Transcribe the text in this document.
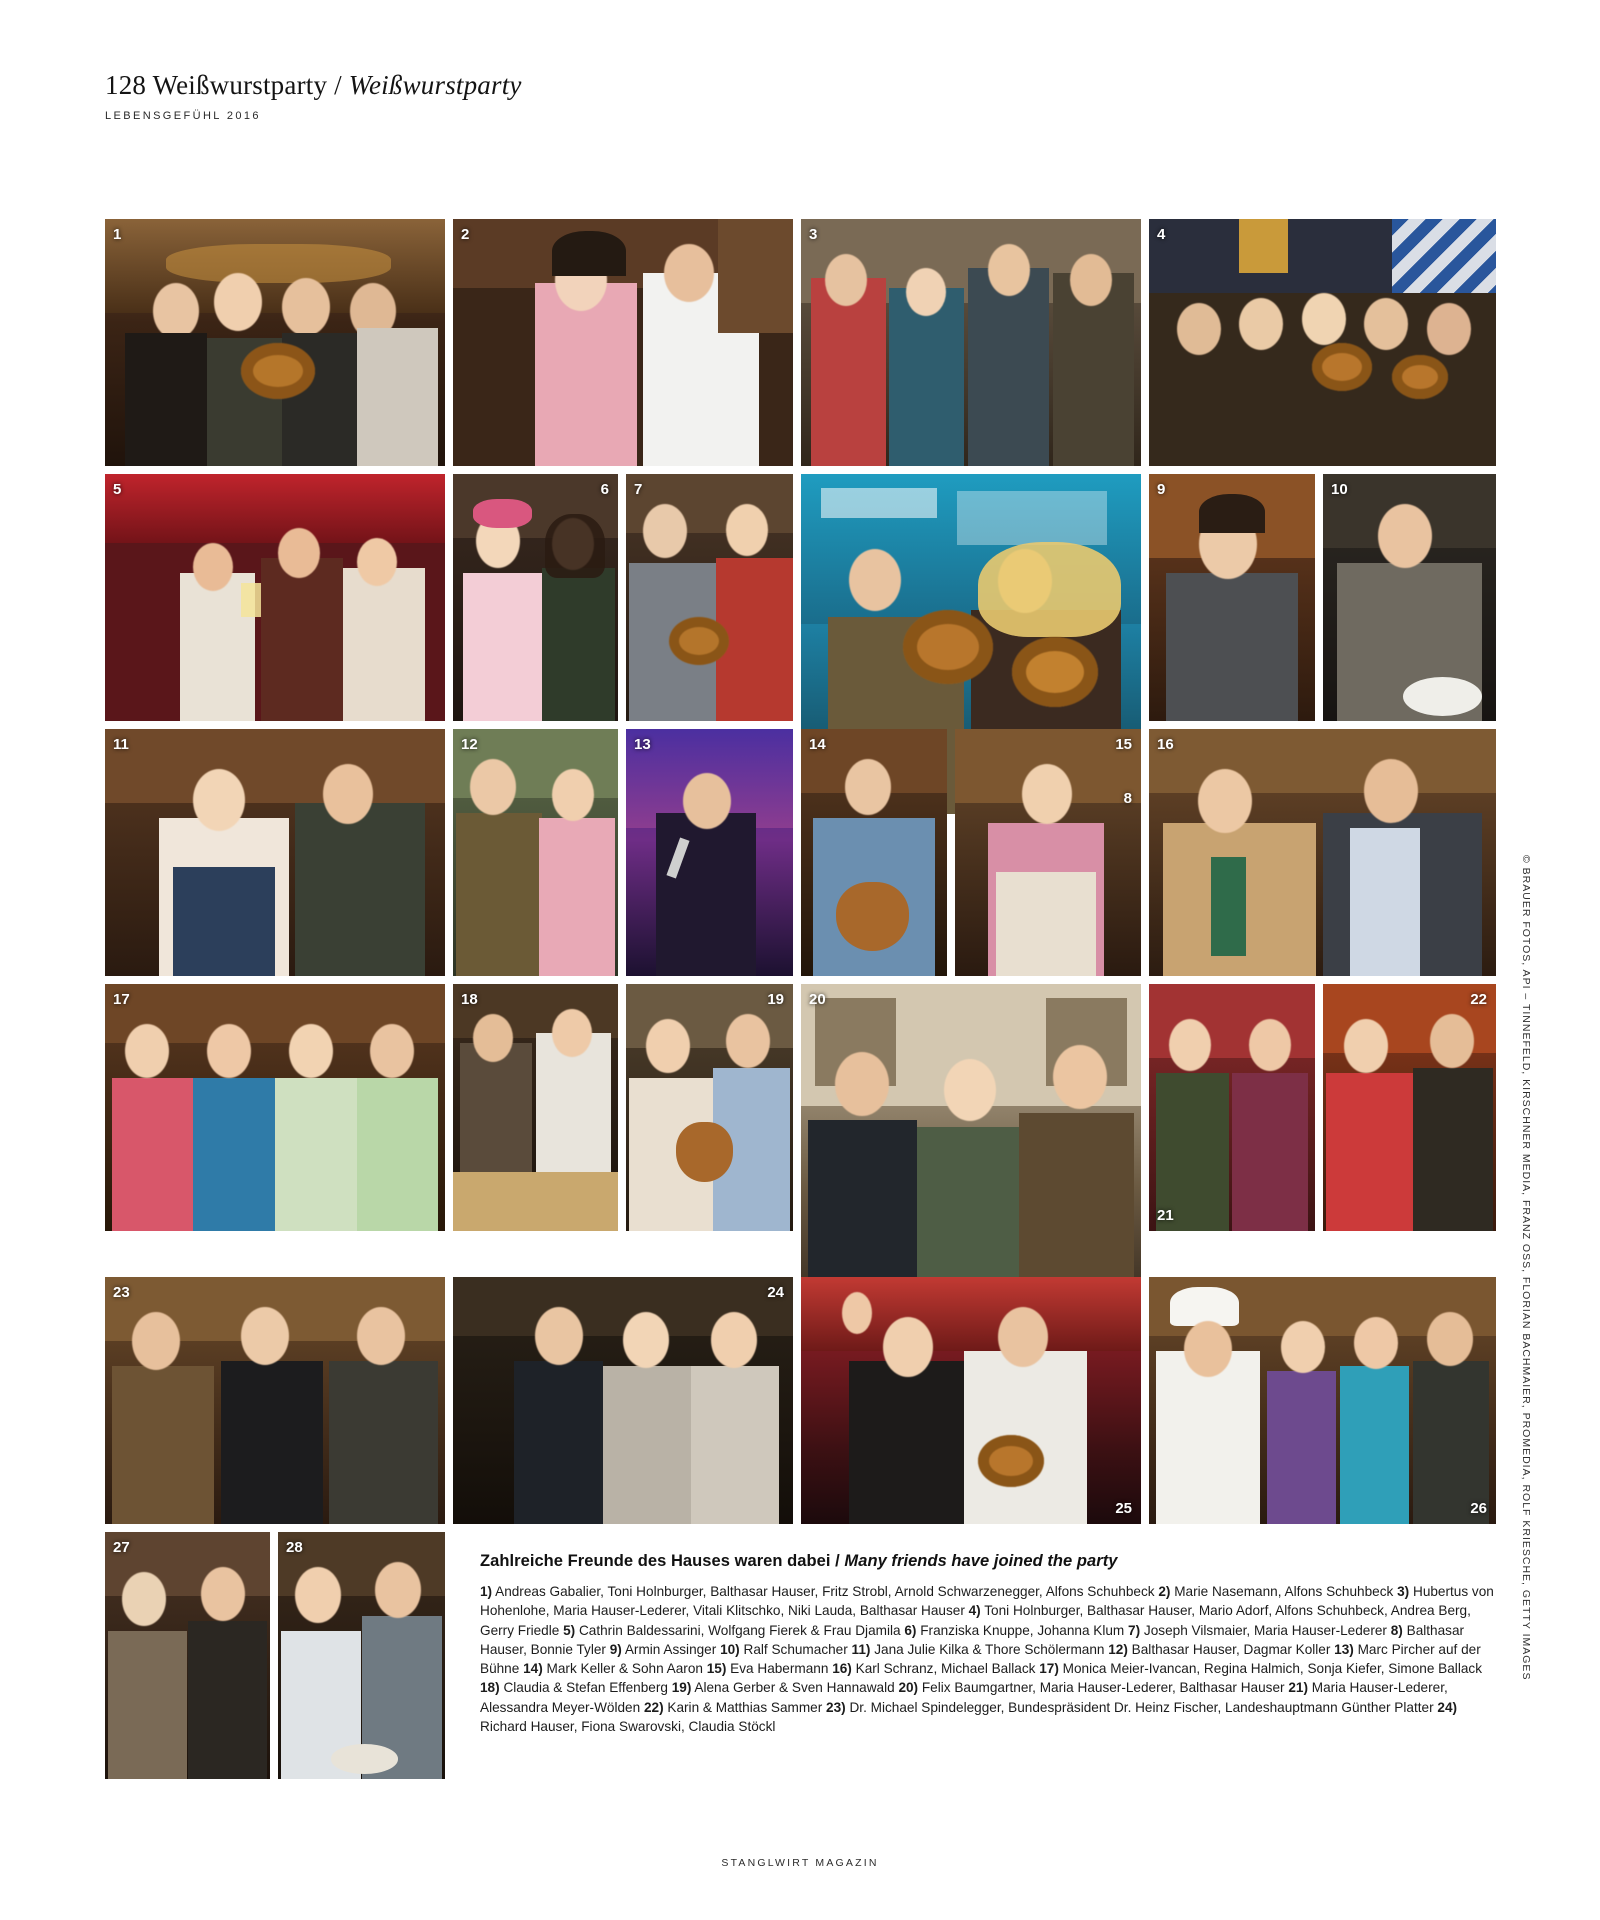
128 Weißwurstparty / Weißwurstparty
LEBENSGEFÜHL 2016
1	2	3	4
5	6 7
8
9	10
11	12	13	14	15 16
17	18	19 20
21
22
23	24
25	26
27	28
Zahlreiche Freunde des Hauses waren dabei / Many friends have joined the party
1) Andreas Gabalier, Toni Holnburger, Balthasar Hauser, Fritz Strobl, Arnold Schwarzenegger, Alfons Schuhbeck 2) Marie Nasemann, Alfons Schuhbeck 3) Hubertus von Hohenlohe, Maria Hauser-Lederer, Vitali Klitschko, Niki Lauda, Balthasar Hauser 4) Toni Holnburger, Balthasar Hauser, Mario Adorf, Alfons Schuhbeck, Andrea Berg, Gerry Friedle 5) Cathrin Baldessarini, Wolfgang Fierek & Frau Djamila 6) Franziska Knuppe, Johanna Klum 7) Joseph Vilsmaier, Maria Hauser-Lederer 8) Balthasar Hauser, Bonnie Tyler 9) Armin Assinger 10) Ralf Schumacher 11) Jana Julie Kilka & Thore Schölermann 12) Balthasar Hauser, Dagmar Koller 13) Marc Pircher auf der Bühne 14) Mark Keller & Sohn Aaron 15) Eva Habermann 16) Karl Schranz, Michael Ballack 17) Monica Meier-Ivancan, Regina Halmich, Sonja Kiefer, Simone Ballack 18) Claudia & Stefan Effenberg 19) Alena Gerber & Sven Hannawald 20) Felix Baumgartner, Maria Hauser-Lederer, Balthasar Hauser 21) Maria Hauser-Lederer, Alessandra Meyer-Wölden 22) Karin & Matthias Sammer 23) Dr. Michael Spindelegger, Bundespräsident Dr. Heinz Fischer, Landeshauptmann Günther Platter 24) Richard Hauser, Fiona Swarovski, Claudia Stöckl
© BRAUER FOTOS, API – TINNEFELD, KIRSCHNER MEDIA, FRANZ OSS, FLORIAN BACHMAIER, PROMEDIA, ROLF KRIESCHE, GETTY IMAGES
STANGLWIRT MAGAZIN
